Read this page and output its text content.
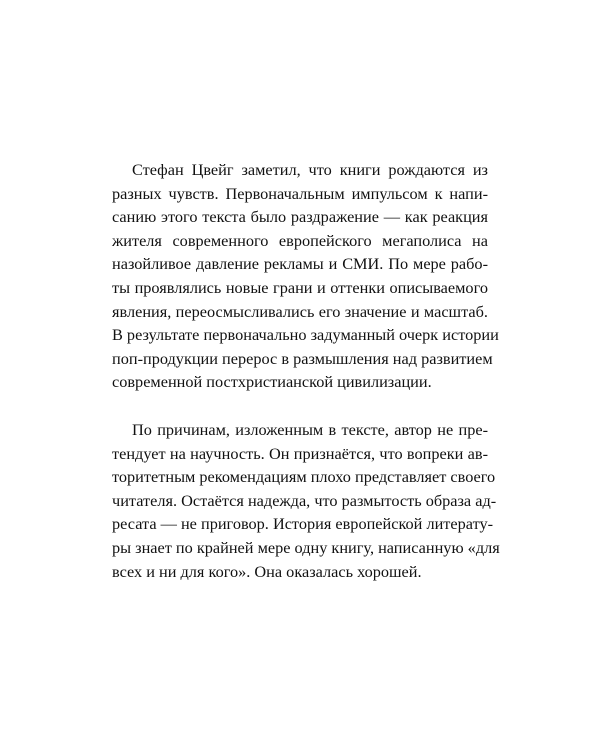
Стефан Цвейг заметил, что книги рождаются из
разных чувств. Первоначальным импульсом к напи-
санию этого текста было раздражение — как реакция
жителя современного европейского мегаполиса на
назойливое давление рекламы и СМИ. По мере рабо-
ты проявлялись новые грани и оттенки описываемого
явления, переосмысливались его значение и масштаб.
В результате первоначально задуманный очерк истории
поп-продукции перерос в размышления над развитием
современной постхристианской цивилизации.

По причинам, изложенным в тексте, автор не пре-
тендует на научность. Он признаётся, что вопреки ав-
торитетным рекомендациям плохо представляет своего
читателя. Остаётся надежда, что размытость образа ад-
ресата — не приговор. История европейской литерату-
ры знает по крайней мере одну книгу, написанную «для
всех и ни для кого». Она оказалась хорошей.
